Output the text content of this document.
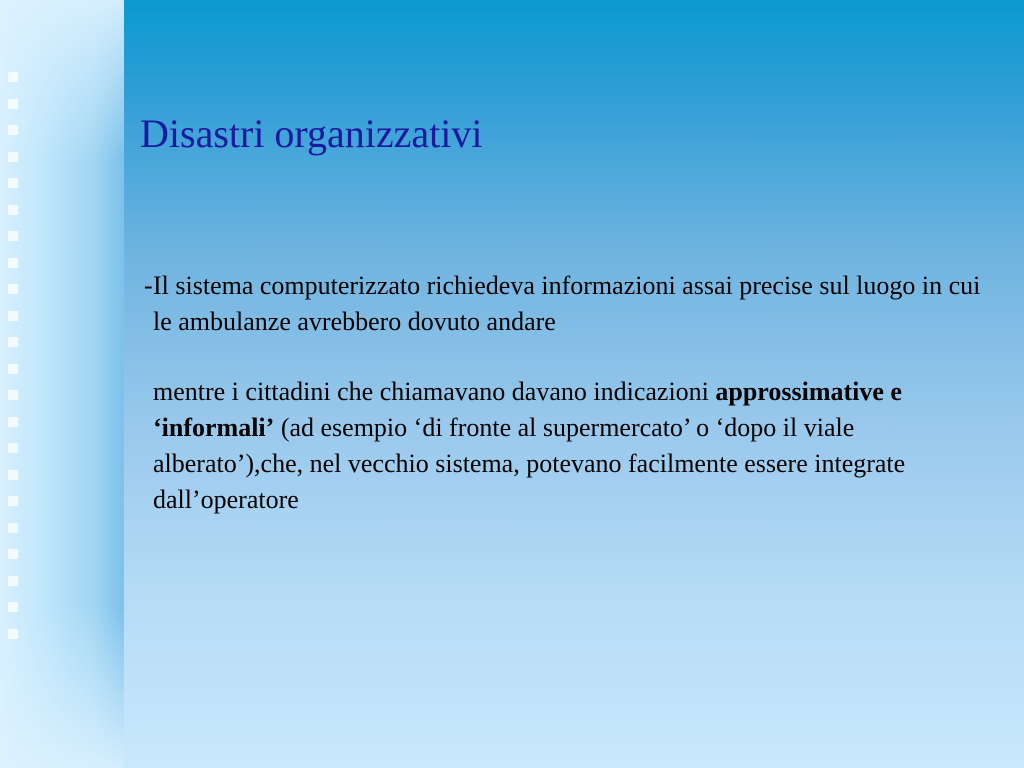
Disastri organizzativi

- Il sistema computerizzato richiedeva informazioni assai precise sul luogo in cui le ambulanze avrebbero dovuto andare

mentre i cittadini che chiamavano davano indicazioni approssimative e ‘informali’ (ad esempio ‘di fronte al supermercato’ o ‘dopo il viale alberato’),che, nel vecchio sistema, potevano facilmente essere integrate dall’operatore
